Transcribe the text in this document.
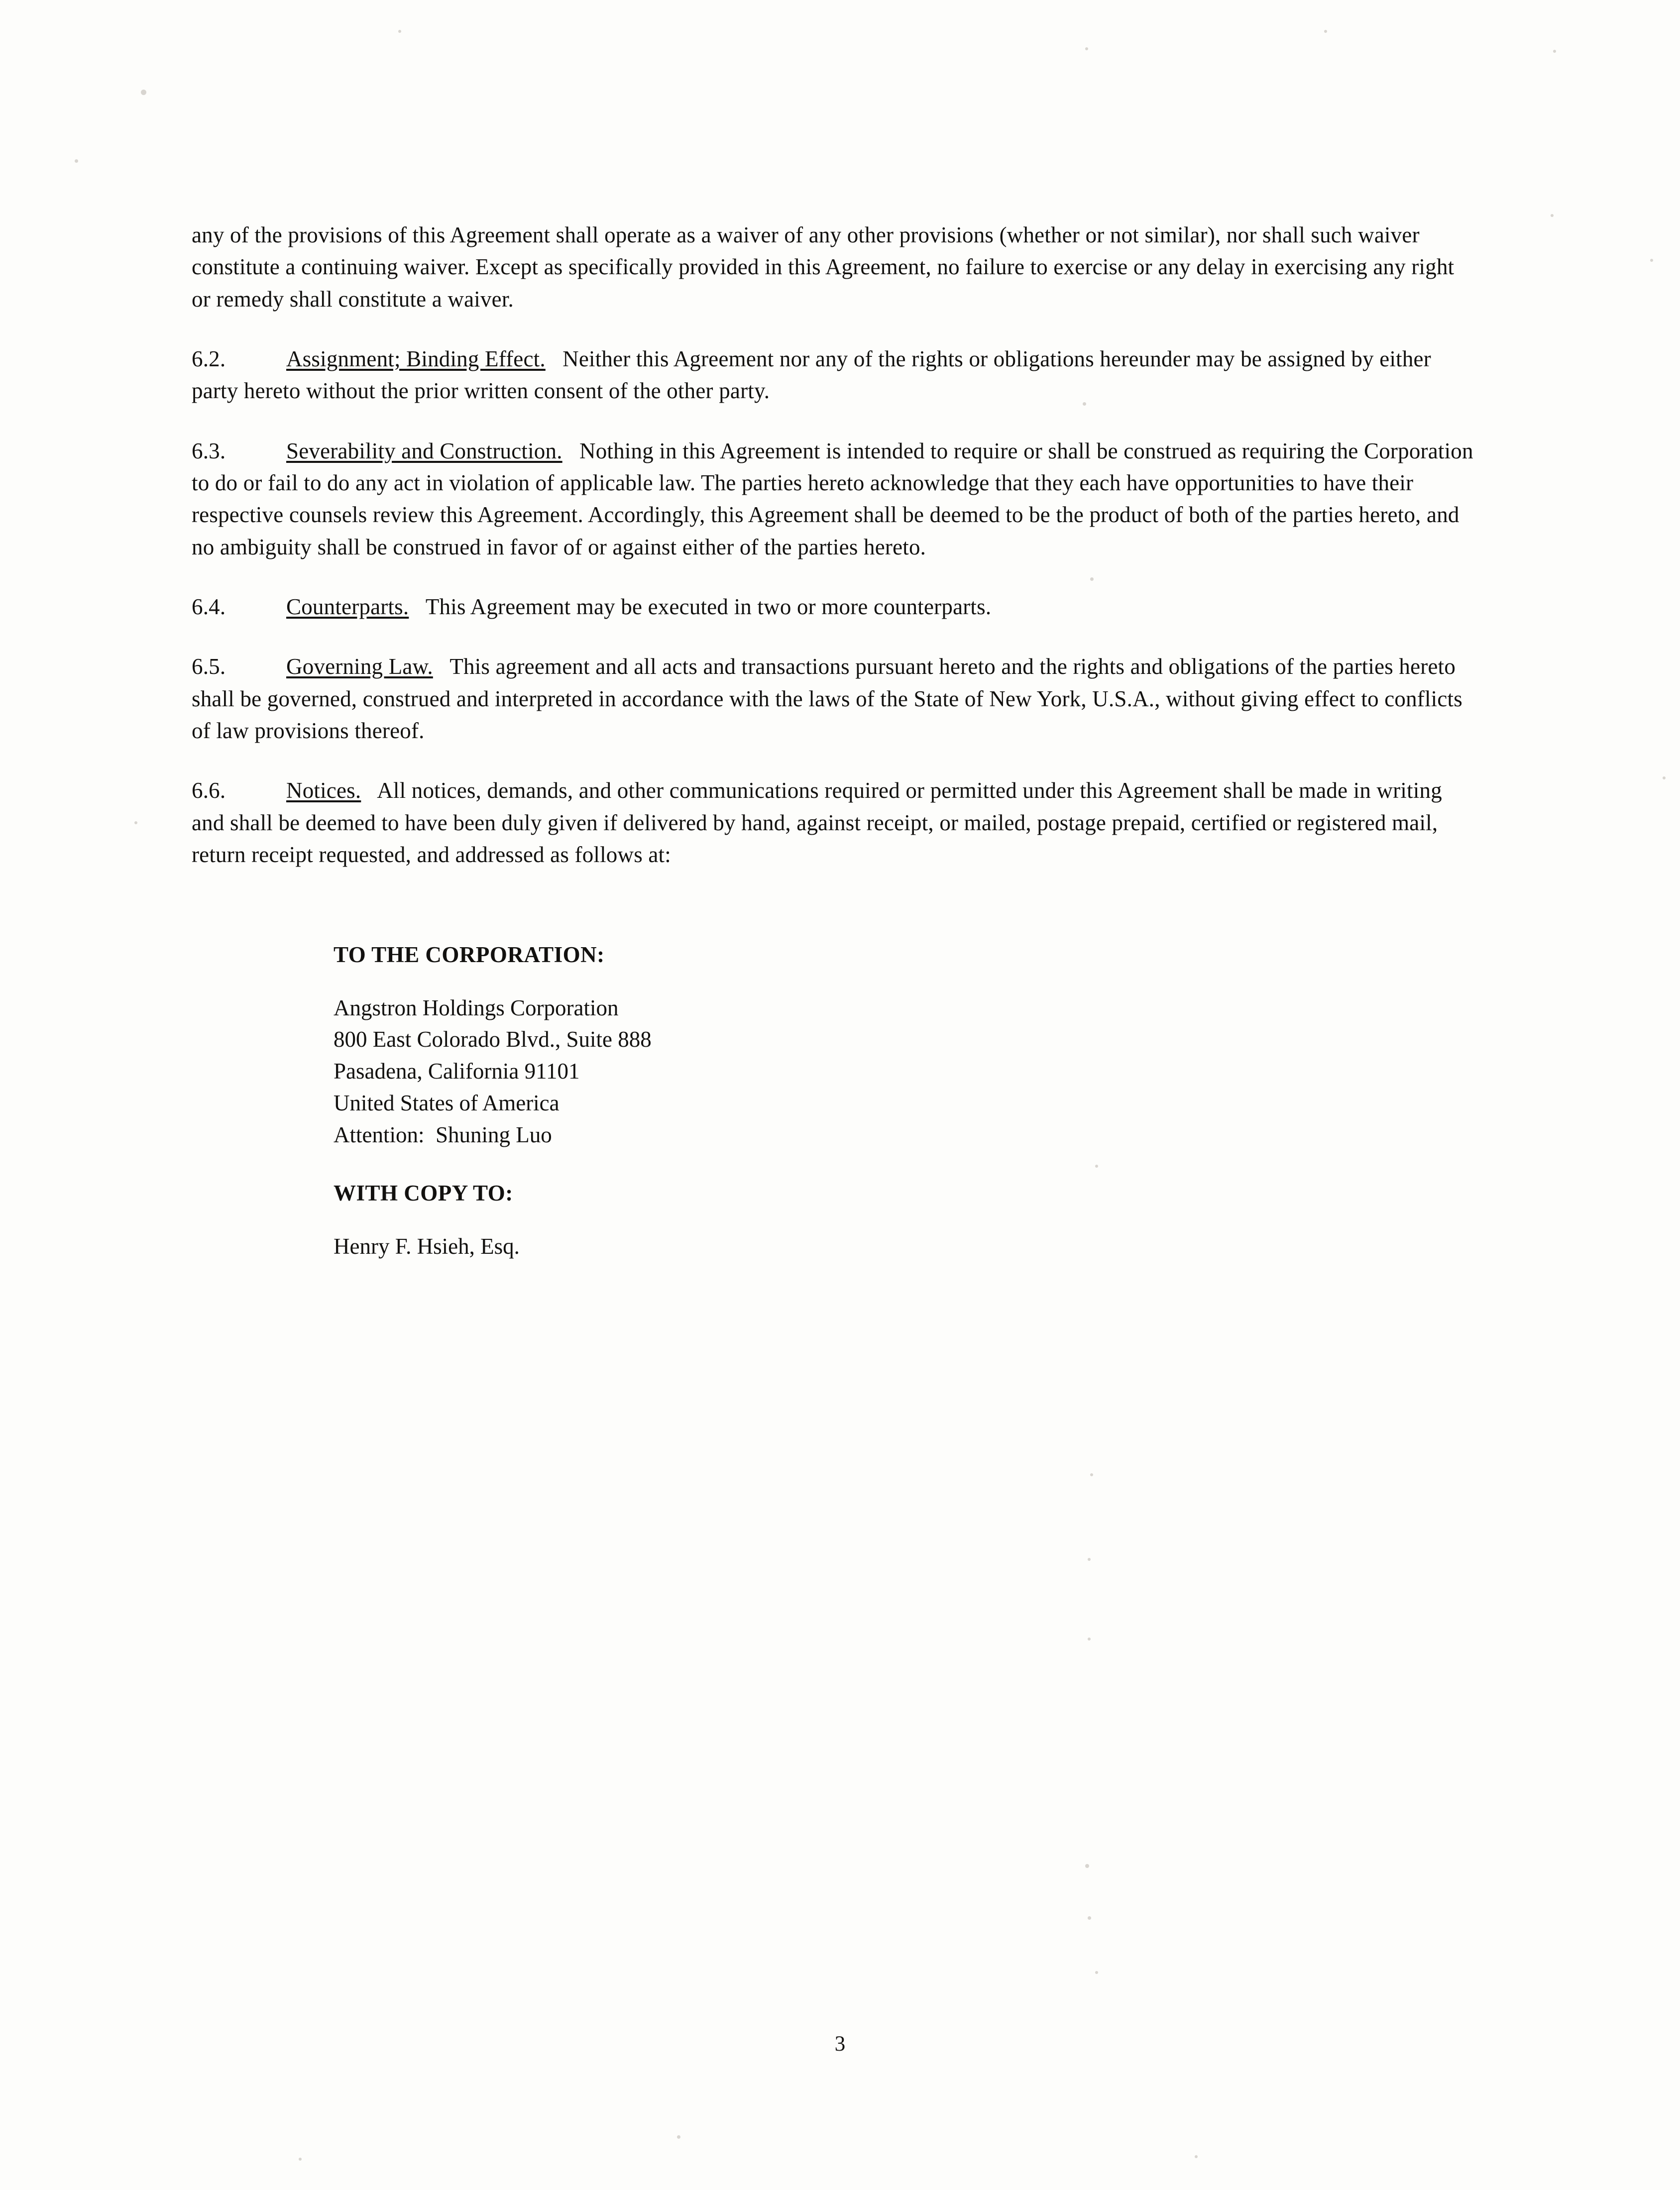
any of the provisions of this Agreement shall operate as a waiver of any other provisions (whether or not similar), nor shall such waiver constitute a continuing waiver. Except as specifically provided in this Agreement, no failure to exercise or any delay in exercising any right or remedy shall constitute a waiver.

6.2.	Assignment; Binding Effect. Neither this Agreement nor any of the rights or obligations hereunder may be assigned by either party hereto without the prior written consent of the other party.

6.3.	Severability and Construction. Nothing in this Agreement is intended to require or shall be construed as requiring the Corporation to do or fail to do any act in violation of applicable law. The parties hereto acknowledge that they each have opportunities to have their respective counsels review this Agreement. Accordingly, this Agreement shall be deemed to be the product of both of the parties hereto, and no ambiguity shall be construed in favor of or against either of the parties hereto.

6.4.	Counterparts. This Agreement may be executed in two or more counterparts.

6.5.	Governing Law. This agreement and all acts and transactions pursuant hereto and the rights and obligations of the parties hereto shall be governed, construed and interpreted in accordance with the laws of the State of New York, U.S.A., without giving effect to conflicts of law provisions thereof.

6.6.	Notices. All notices, demands, and other communications required or permitted under this Agreement shall be made in writing and shall be deemed to have been duly given if delivered by hand, against receipt, or mailed, postage prepaid, certified or registered mail, return receipt requested, and addressed as follows at:

TO THE CORPORATION:
Angstron Holdings Corporation
800 East Colorado Blvd., Suite 888
Pasadena, California 91101
United States of America
Attention:  Shuning Luo
WITH COPY TO:
Henry F. Hsieh, Esq.
3
